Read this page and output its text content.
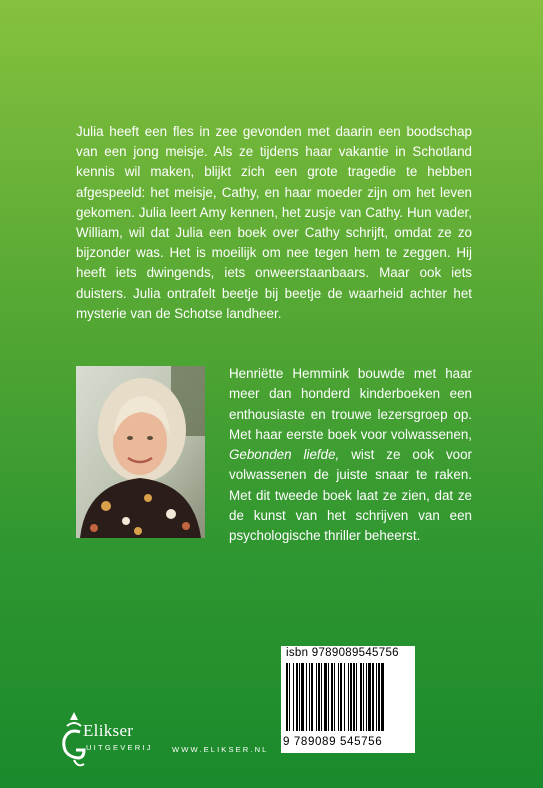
Julia heeft een fles in zee gevonden met daarin een boodschap van een jong meisje. Als ze tijdens haar vakantie in Schotland kennis wil maken, blijkt zich een grote tragedie te hebben afgespeeld: het meisje, Cathy, en haar moeder zijn om het leven gekomen. Julia leert Amy kennen, het zusje van Cathy. Hun vader, William, wil dat Julia een boek over Cathy schrijft, omdat ze zo bijzonder was. Het is moeilijk om nee tegen hem te zeggen. Hij heeft iets dwingends, iets onweerstaanbaars. Maar ook iets duisters. Julia ontrafelt beetje bij beetje de waarheid achter het mysterie van de Schotse landheer.

Henriëtte Hemmink bouwde met haar meer dan honderd kinderboeken een enthousiaste en trouwe lezersgroep op. Met haar eerste boek voor volwassenen, Gebonden liefde, wist ze ook voor volwassenen de juiste snaar te raken. Met dit tweede boek laat ze zien, dat ze de kunst van het schrijven van een psychologische thriller beheerst.

isbn 9789089545756
9 789089 545756
Elikser
UITGEVERIJ	WWW.ELIKSER.NL
